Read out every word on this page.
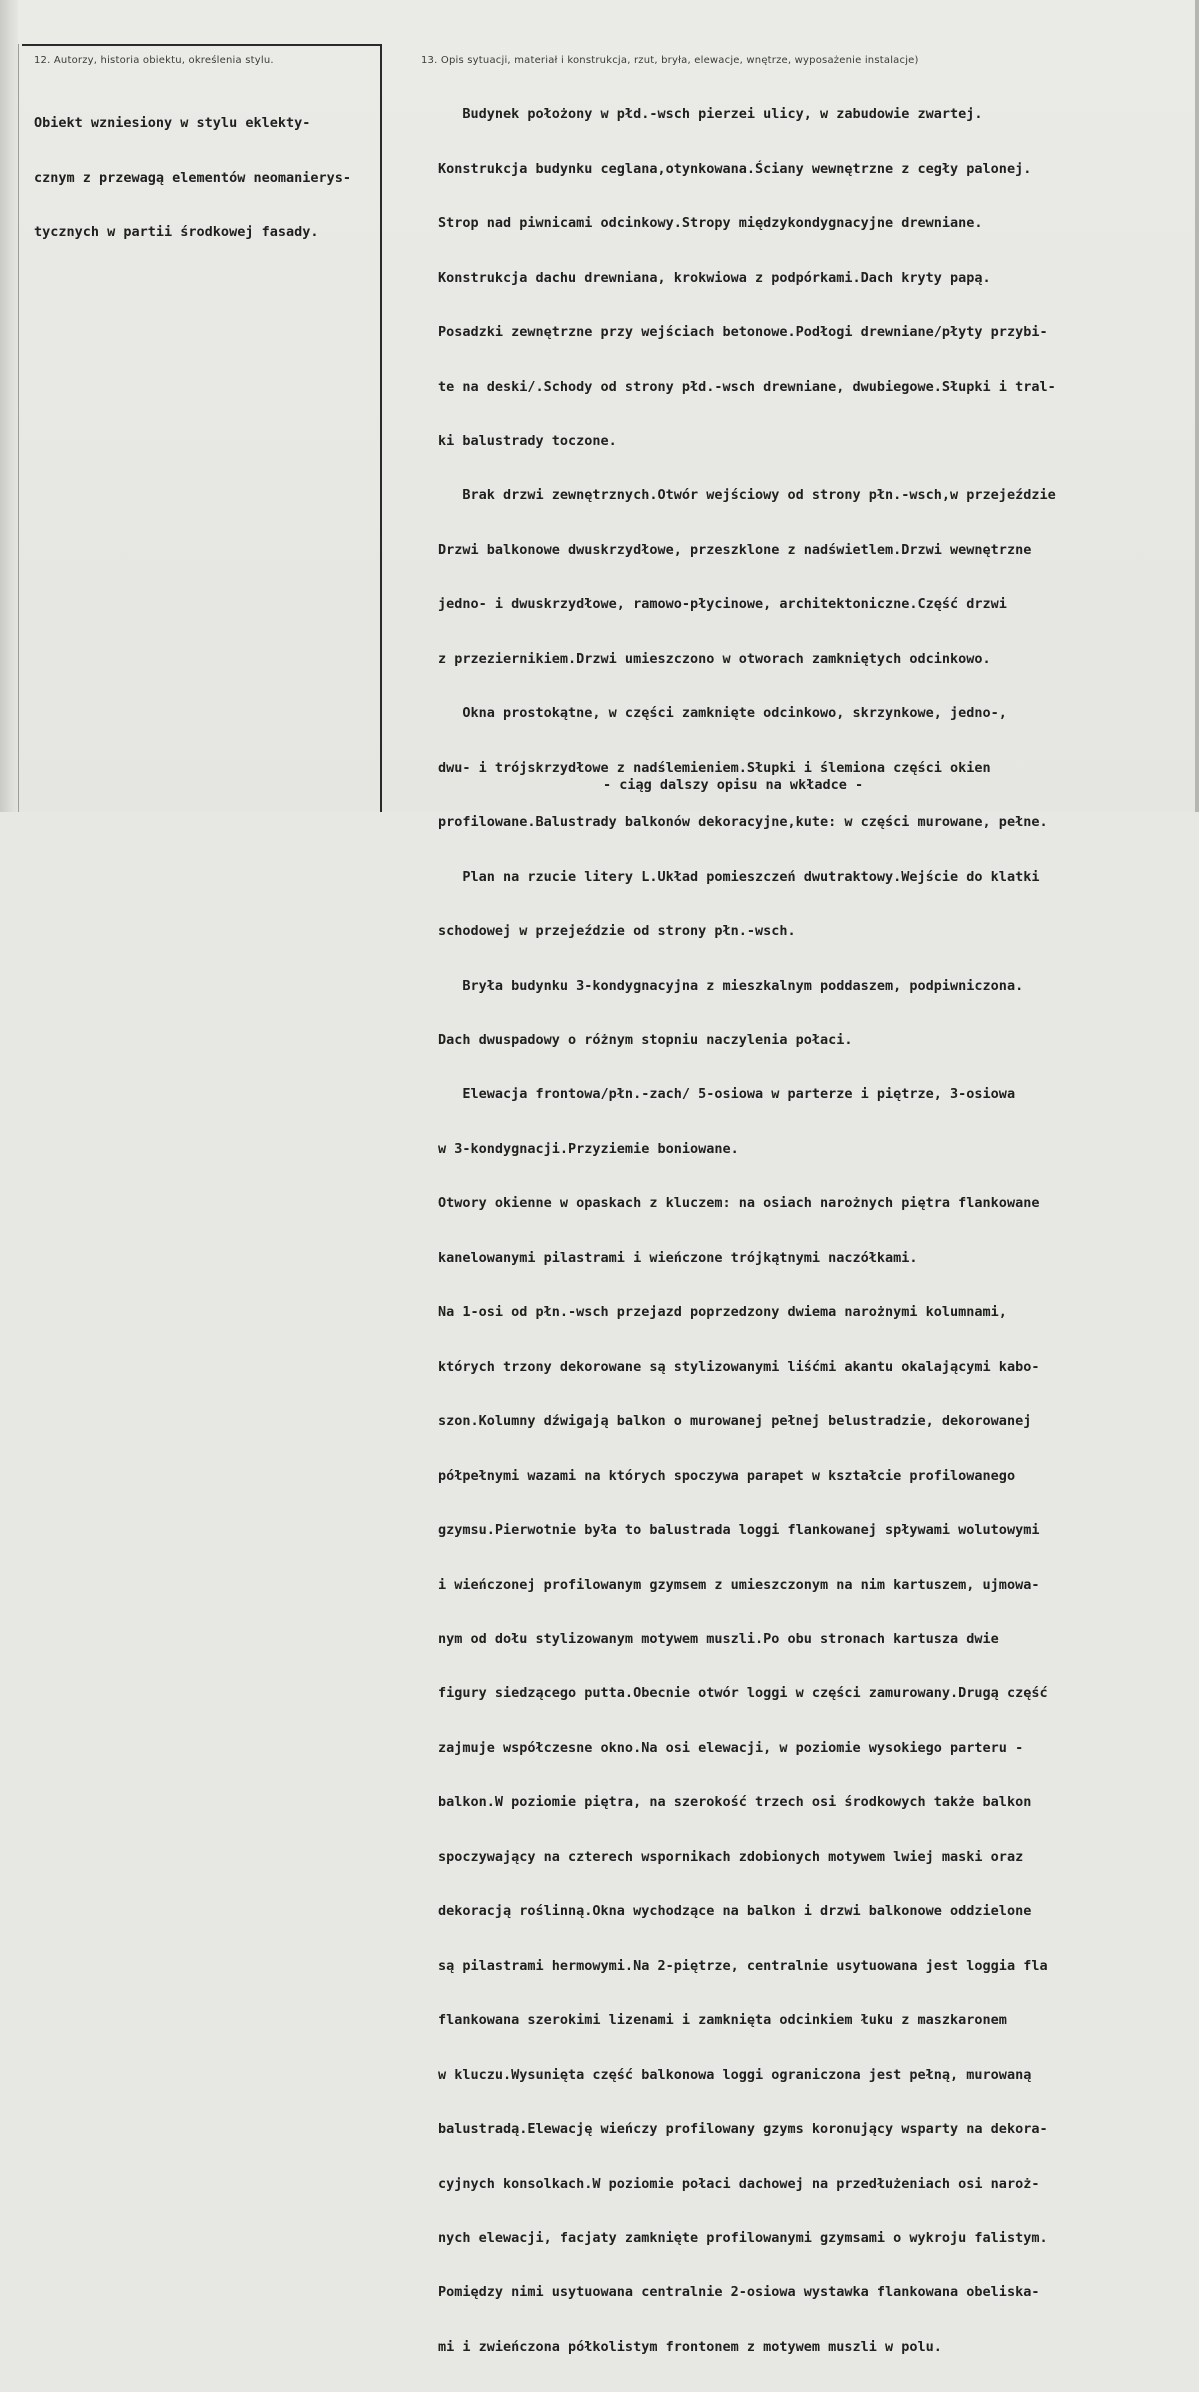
12. Autorzy, historia obiektu, określenia stylu.	13. Opis sytuacji, materiał i konstrukcja, rzut, bryła, elewacje, wnętrze, wyposażenie instalacje)

Obiekt wzniesiony w stylu eklekty-

cznym z przewagą elementów neomanierys-

tycznych w partii środkowej fasady.

Budynek położony w płd.-wsch pierzei ulicy, w zabudowie zwartej.

Konstrukcja budynku ceglana,otynkowana.Ściany wewnętrzne z cegły palonej.

Strop nad piwnicami odcinkowy.Stropy międzykondygnacyjne drewniane.

Konstrukcja dachu drewniana, krokwiowa z podpórkami.Dach kryty papą.

Posadzki zewnętrzne przy wejściach betonowe.Podłogi drewniane/płyty przybi-

te na deski/.Schody od strony płd.-wsch drewniane, dwubiegowe.Słupki i tral-

ki balustrady toczone.

Brak drzwi zewnętrznych.Otwór wejściowy od strony płn.-wsch,w przejeździe

Drzwi balkonowe dwuskrzydłowe, przeszklone z nadświetlem.Drzwi wewnętrzne

jedno- i dwuskrzydłowe, ramowo-płycinowe, architektoniczne.Część drzwi

z przeziernikiem.Drzwi umieszczono w otworach zamkniętych odcinkowo.

Okna prostokątne, w części zamknięte odcinkowo, skrzynkowe, jedno-,

dwu- i trójskrzydłowe z nadślemieniem.Słupki i ślemiona części okien

profilowane.Balustrady balkonów dekoracyjne,kute: w części murowane, pełne.

Plan na rzucie litery L.Układ pomieszczeń dwutraktowy.Wejście do klatki

schodowej w przejeździe od strony płn.-wsch.

Bryła budynku 3-kondygnacyjna z mieszkalnym poddaszem, podpiwniczona.

Dach dwuspadowy o różnym stopniu naczylenia połaci.

Elewacja frontowa/płn.-zach/ 5-osiowa w parterze i piętrze, 3-osiowa

w 3-kondygnacji.Przyziemie boniowane.

Otwory okienne w opaskach z kluczem: na osiach narożnych piętra flankowane

kanelowanymi pilastrami i wieńczone trójkątnymi naczółkami.

Na 1-osi od płn.-wsch przejazd poprzedzony dwiema narożnymi kolumnami,

których trzony dekorowane są stylizowanymi liśćmi akantu okalającymi kabo-

szon.Kolumny dźwigają balkon o murowanej pełnej belustradzie, dekorowanej

półpełnymi wazami na których spoczywa parapet w kształcie profilowanego

gzymsu.Pierwotnie była to balustrada loggi flankowanej spływami wolutowymi

i wieńczonej profilowanym gzymsem z umieszczonym na nim kartuszem, ujmowa-

nym od dołu stylizowanym motywem muszli.Po obu stronach kartusza dwie

figury siedzącego putta.Obecnie otwór loggi w części zamurowany.Drugą część

zajmuje współczesne okno.Na osi elewacji, w poziomie wysokiego parteru -

balkon.W poziomie piętra, na szerokość trzech osi środkowych także balkon

spoczywający na czterech wspornikach zdobionych motywem lwiej maski oraz

dekoracją roślinną.Okna wychodzące na balkon i drzwi balkonowe oddzielone

są pilastrami hermowymi.Na 2-piętrze, centralnie usytuowana jest loggia fla

flankowana szerokimi lizenami i zamknięta odcinkiem łuku z maszkaronem

w kluczu.Wysunięta część balkonowa loggi ograniczona jest pełną, murowaną

balustradą.Elewację wieńczy profilowany gzyms koronujący wsparty na dekora-

cyjnych konsolkach.W poziomie połaci dachowej na przedłużeniach osi naroż-

nych elewacji, facjaty zamknięte profilowanymi gzymsami o wykroju falistym.

Pomiędzy nimi usytuowana centralnie 2-osiowa wystawka flankowana obeliska-

mi i zwieńczona półkolistym frontonem z motywem muszli w polu.

- ciąg dalszy opisu na wkładce -
